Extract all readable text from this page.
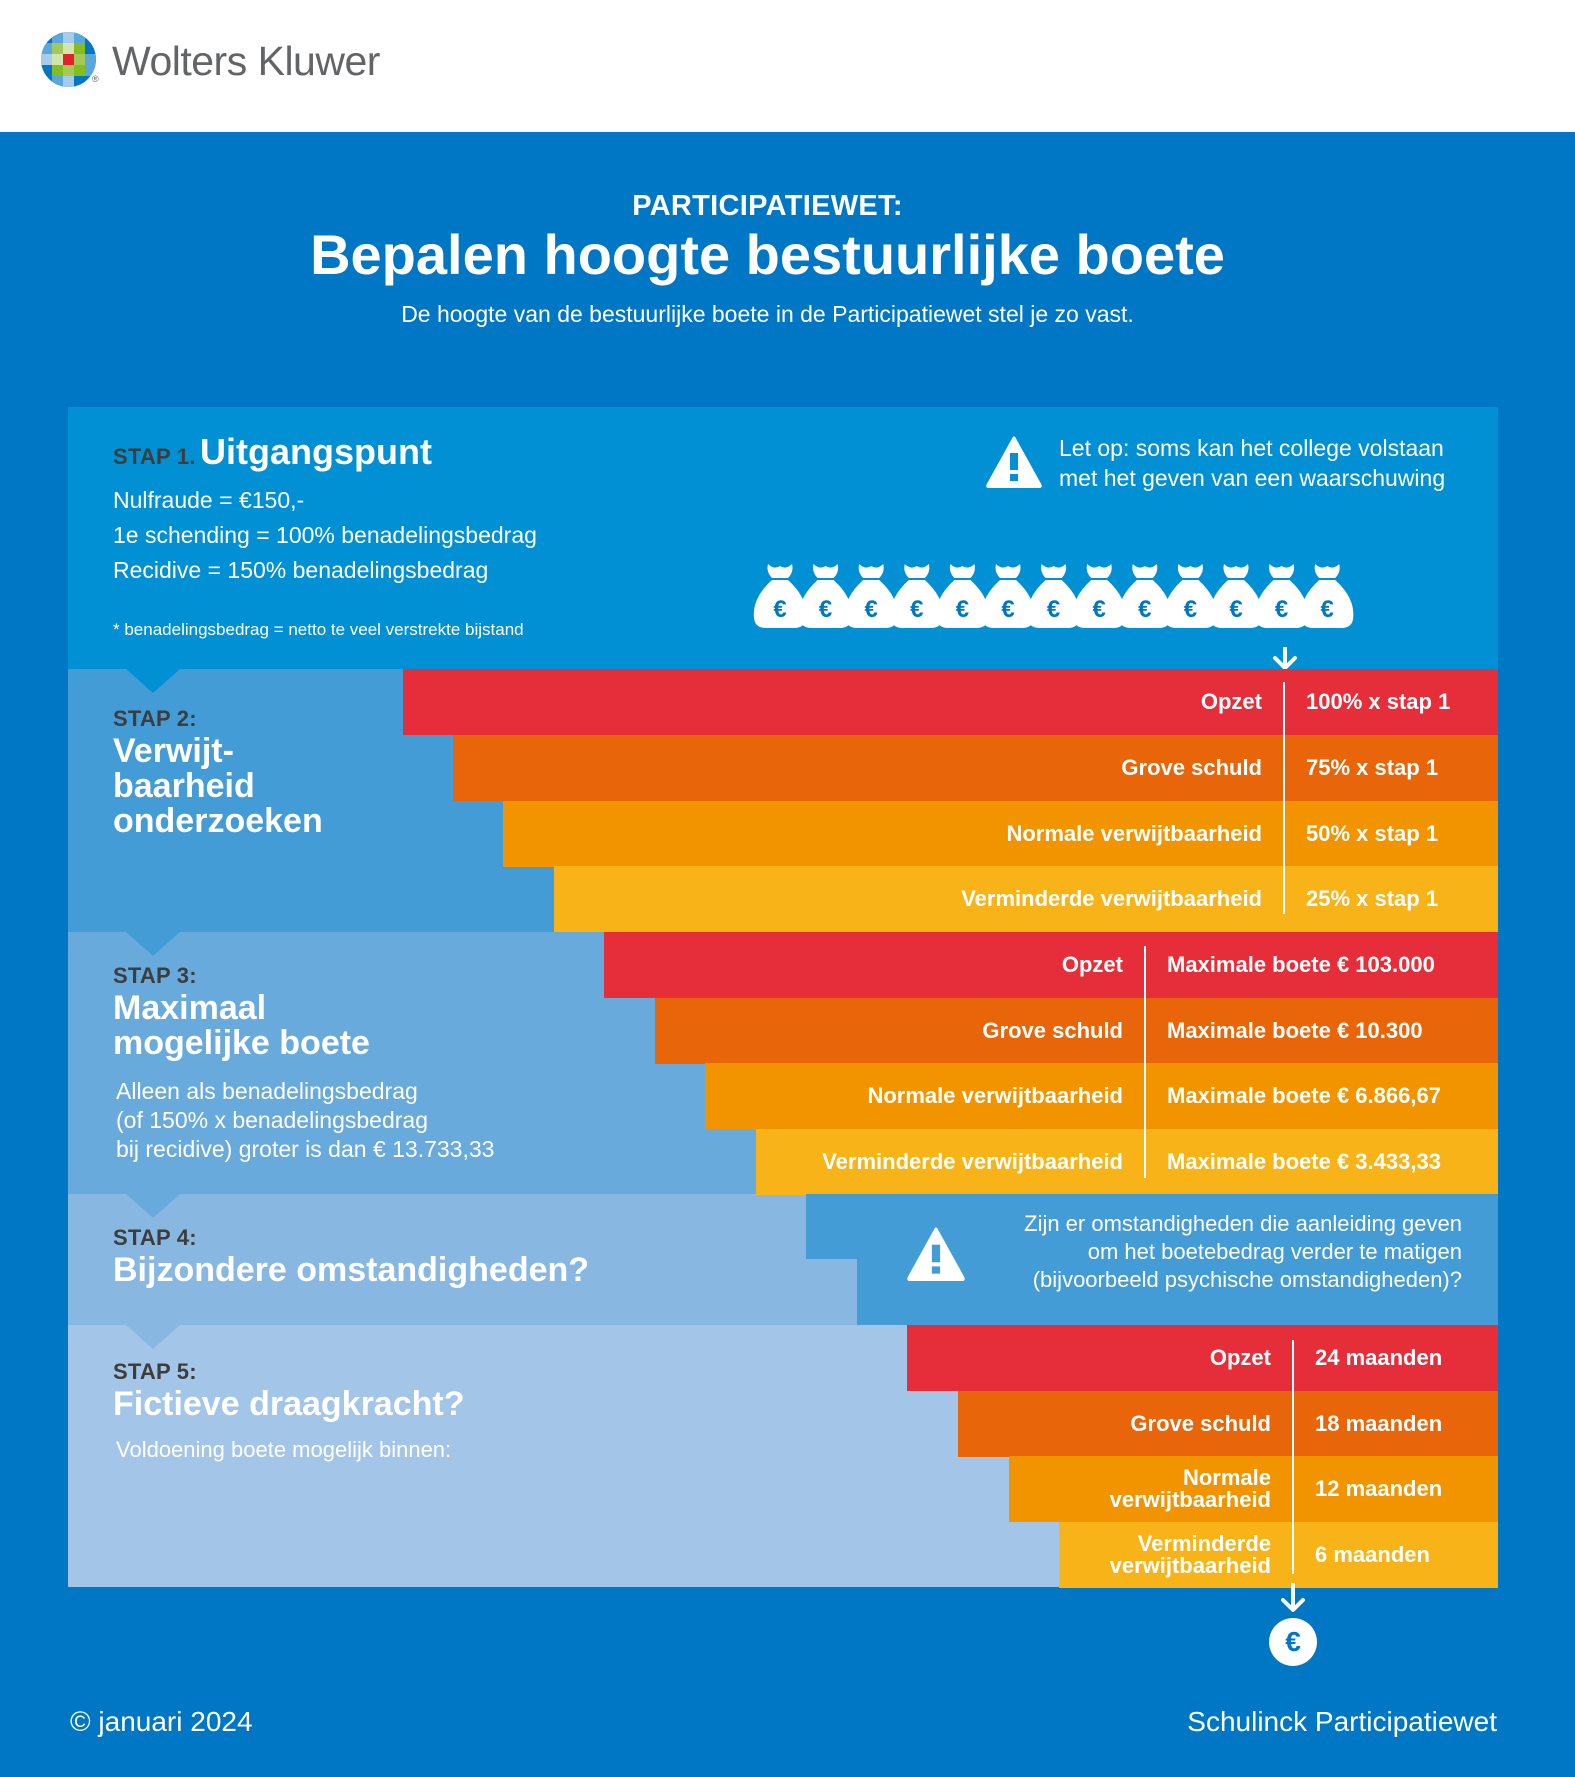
® Wolters Kluwer
PARTICIPATIEWET:
Bepalen hoogte bestuurlijke boete
De hoogte van de bestuurlijke boete in de Participatiewet stel je zo vast.
STAP 1. Uitgangspunt
Nulfraude = €150,-
1e schending = 100% benadelingsbedrag
Recidive = 150% benadelingsbedrag
* benadelingsbedrag = netto te veel verstrekte bijstand
Let op: soms kan het college volstaan
met het geven van een waarschuwing
STAP 2:
Verwijt-
baarheid
onderzoeken
Opzet	100% x stap 1
Grove schuld	75% x stap 1
Normale verwijtbaarheid	50% x stap 1
Verminderde verwijtbaarheid	25% x stap 1
STAP 3:
Maximaal
mogelijke boete
Alleen als benadelingsbedrag
(of 150% x benadelingsbedrag
bij recidive) groter is dan € 13.733,33
Opzet	Maximale boete € 103.000
Grove schuld	Maximale boete € 10.300
Normale verwijtbaarheid	Maximale boete € 6.866,67
Verminderde verwijtbaarheid	Maximale boete € 3.433,33
STAP 4:
Bijzondere omstandigheden?
Zijn er omstandigheden die aanleiding geven
om het boetebedrag verder te matigen
(bijvoorbeeld psychische omstandigheden)?
STAP 5:
Fictieve draagkracht?
Voldoening boete mogelijk binnen:
Opzet	24 maanden
Grove schuld	18 maanden
Normale
verwijtbaarheid	12 maanden
Verminderde
verwijtbaarheid	6 maanden
€
© januari 2024	Schulinck Participatiewet
